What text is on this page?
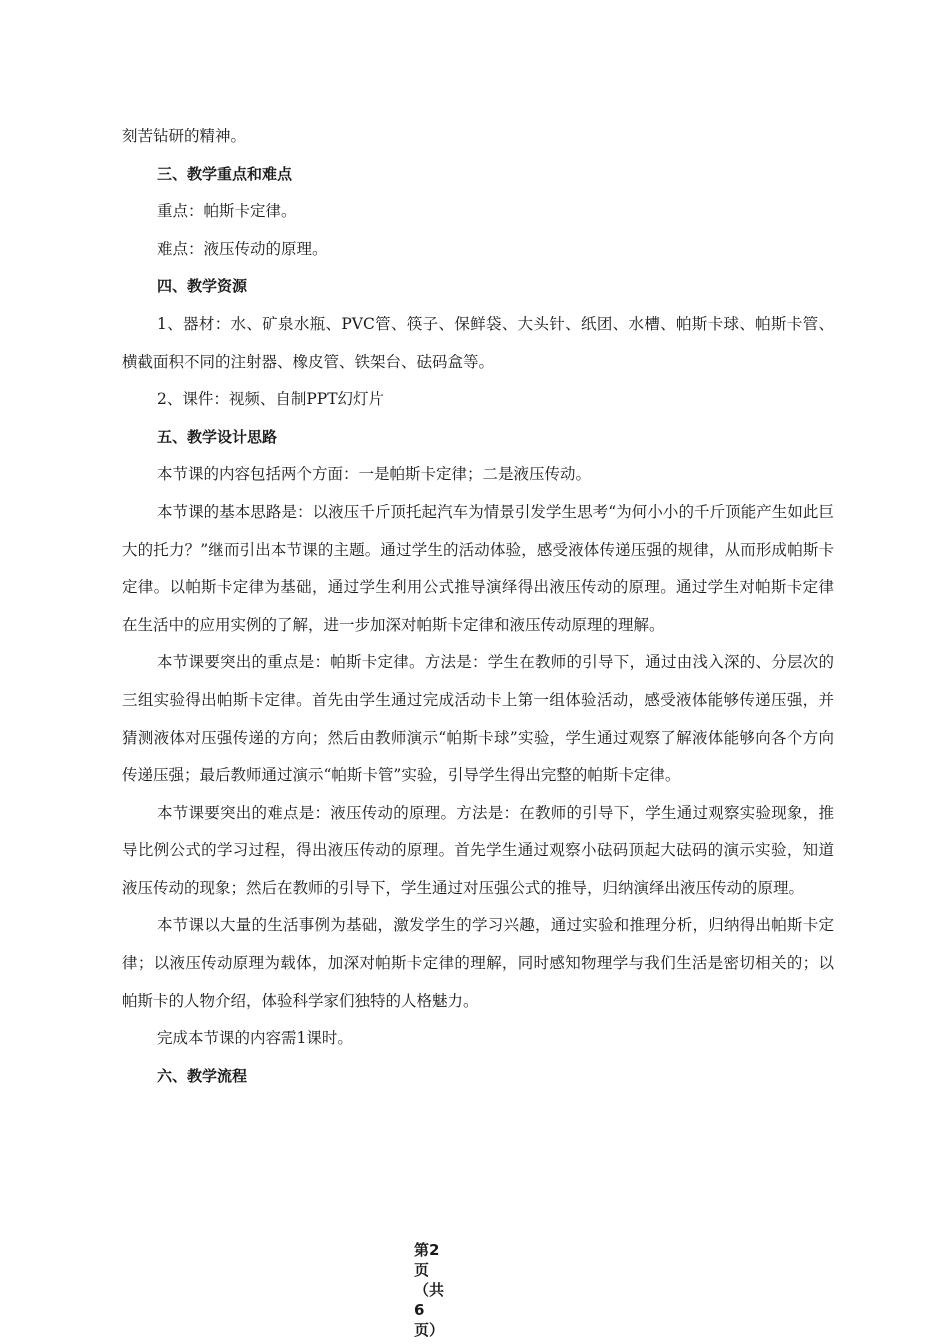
刻苦钻研的精神。
三、教学重点和难点
重点：帕斯卡定律。
难点：液压传动的原理。
四、教学资源

1、器材：水、矿泉水瓶、PVC管、筷子、保鲜袋、大头针、纸团、水槽、帕斯卡球、帕斯卡管、横截面积不同的注射器、橡皮管、铁架台、砝码盒等。

2、课件：视频、自制PPT幻灯片
五、教学设计思路
本节课的内容包括两个方面：一是帕斯卡定律；二是液压传动。

本节课的基本思路是：以液压千斤顶托起汽车为情景引发学生思考“为何小小的千斤顶能产生如此巨大的托力？”继而引出本节课的主题。通过学生的活动体验，感受液体传递压强的规律，从而形成帕斯卡定律。以帕斯卡定律为基础，通过学生利用公式推导演绎得出液压传动的原理。通过学生对帕斯卡定律在生活中的应用实例的了解，进一步加深对帕斯卡定律和液压传动原理的理解。

本节课要突出的重点是：帕斯卡定律。方法是：学生在教师的引导下，通过由浅入深的、分层次的三组实验得出帕斯卡定律。首先由学生通过完成活动卡上第一组体验活动，感受液体能够传递压强，并猜测液体对压强传递的方向；然后由教师演示“帕斯卡球”实验，学生通过观察了解液体能够向各个方向传递压强；最后教师通过演示“帕斯卡管”实验，引导学生得出完整的帕斯卡定律。

本节课要突出的难点是：液压传动的原理。方法是：在教师的引导下，学生通过观察实验现象，推导比例公式的学习过程，得出液压传动的原理。首先学生通过观察小砝码顶起大砝码的演示实验，知道液压传动的现象；然后在教师的引导下，学生通过对压强公式的推导，归纳演绎出液压传动的原理。

本节课以大量的生活事例为基础，激发学生的学习兴趣，通过实验和推理分析，归纳得出帕斯卡定律；以液压传动原理为载体，加深对帕斯卡定律的理解，同时感知物理学与我们生活是密切相关的；以帕斯卡的人物介绍，体验科学家们独特的人格魅力。

完成本节课的内容需1课时。
六、教学流程
第2
页
（共
6
页）
